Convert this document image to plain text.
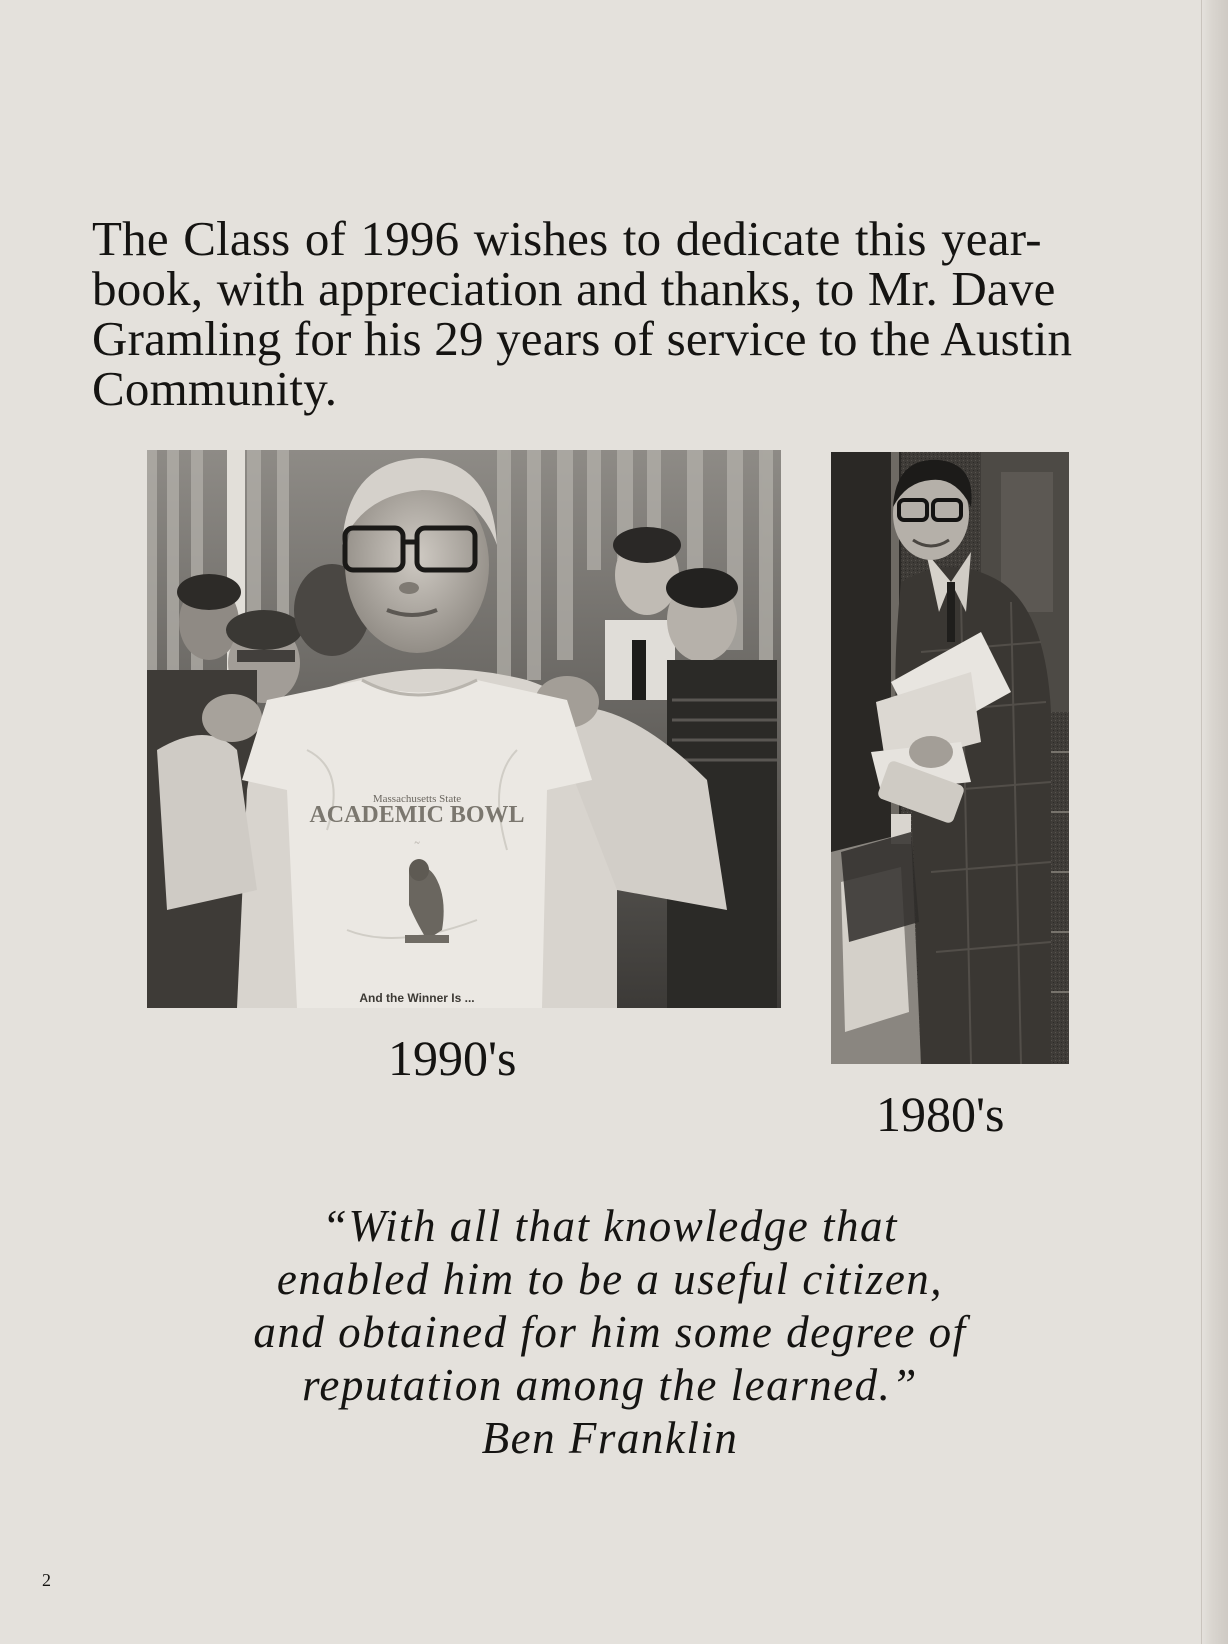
The Class of 1996 wishes to dedicate this year-
book, with appreciation and thanks, to Mr. Dave
Gramling for his 29 years of service to the Austin
Community.
Massachusetts State
ACADEMIC BOWL
~
And the Winner Is ...

1990's

1980's

“With all that knowledge that
enabled him to be a useful citizen,
and obtained for him some degree of
reputation among the learned.”
Ben Franklin

2
